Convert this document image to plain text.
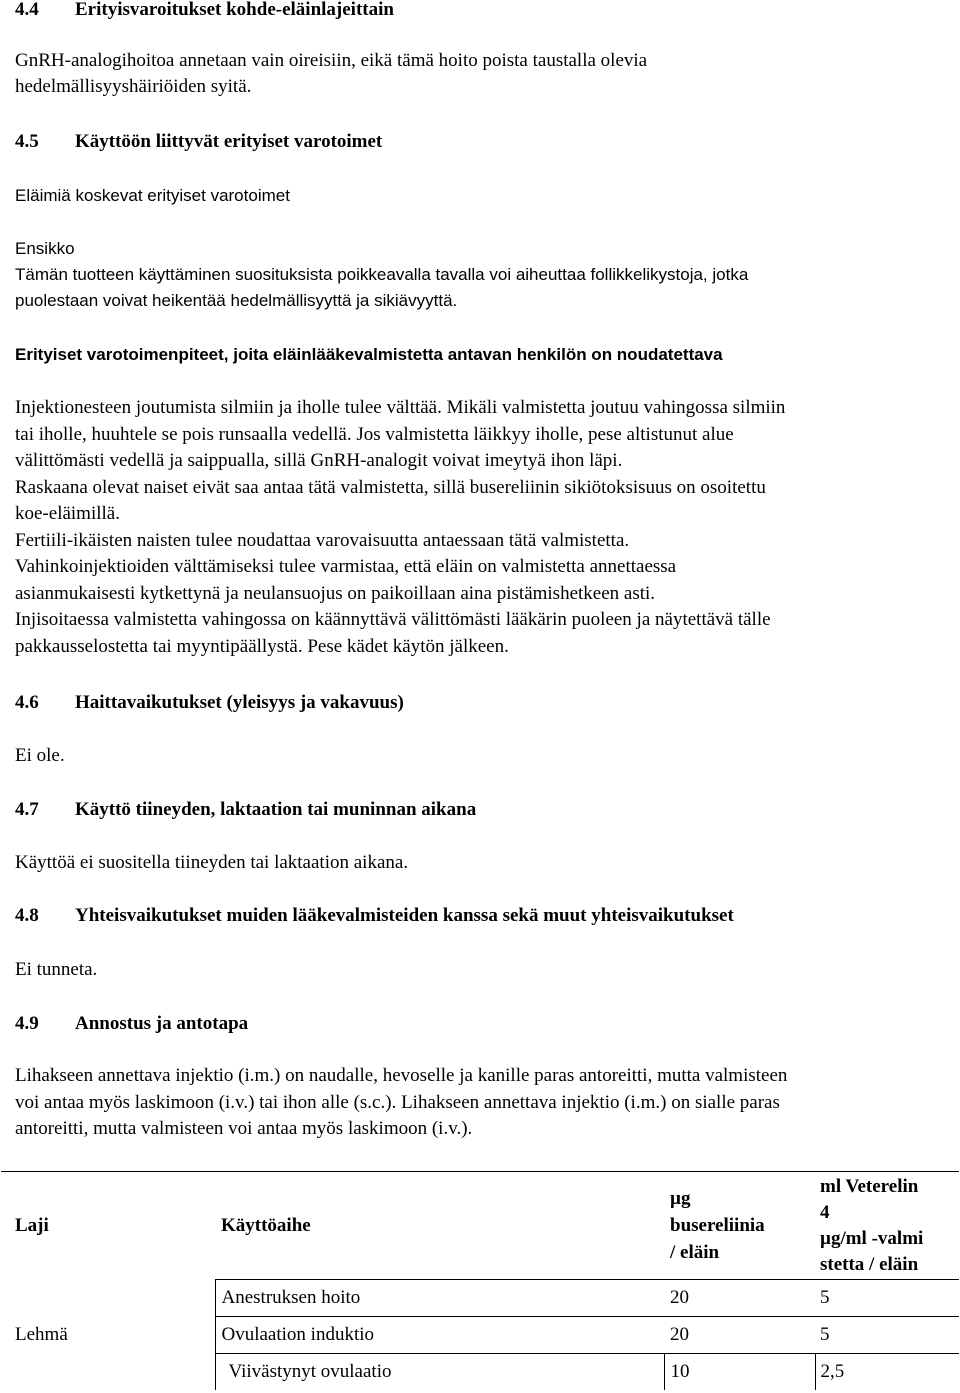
4.4 Erityisvaroitukset kohde-eläinlajeittain
GnRH-analogihoitoa annetaan vain oireisiin, eikä tämä hoito poista taustalla olevia
hedelmällisyyshäiriöiden syitä.
4.5 Käyttöön liittyvät erityiset varotoimet
Eläimiä koskevat erityiset varotoimet
Ensikko
Tämän tuotteen käyttäminen suosituksista poikkeavalla tavalla voi aiheuttaa follikkelikystoja, jotka
puolestaan voivat heikentää hedelmällisyyttä ja sikiävyyttä.
Erityiset varotoimenpiteet, joita eläinlääkevalmistetta antavan henkilön on noudatettava
Injektionesteen joutumista silmiin ja iholle tulee välttää. Mikäli valmistetta joutuu vahingossa silmiin
tai iholle, huuhtele se pois runsaalla vedellä. Jos valmistetta läikkyy iholle, pese altistunut alue
välittömästi vedellä ja saippualla, sillä GnRH-analogit voivat imeytyä ihon läpi.
Raskaana olevat naiset eivät saa antaa tätä valmistetta, sillä busereliinin sikiötoksisuus on osoitettu
koe-eläimillä.
Fertiili-ikäisten naisten tulee noudattaa varovaisuutta antaessaan tätä valmistetta.
Vahinkoinjektioiden välttämiseksi tulee varmistaa, että eläin on valmistetta annettaessa
asianmukaisesti kytkettynä ja neulansuojus on paikoillaan aina pistämishetkeen asti.
Injisoitaessa valmistetta vahingossa on käännyttävä välittömästi lääkärin puoleen ja näytettävä tälle
pakkausselostetta tai myyntipäällystä. Pese kädet käytön jälkeen.
4.6 Haittavaikutukset (yleisyys ja vakavuus)
Ei ole.
4.7 Käyttö tiineyden, laktaation tai muninnan aikana
Käyttöä ei suositella tiineyden tai laktaation aikana.
4.8 Yhteisvaikutukset muiden lääkevalmisteiden kanssa sekä muut yhteisvaikutukset
Ei tunneta.
4.9 Annostus ja antotapa
Lihakseen annettava injektio (i.m.) on naudalle, hevoselle ja kanille paras antoreitti, mutta valmisteen
voi antaa myös laskimoon (i.v.) tai ihon alle (s.c.). Lihakseen annettava injektio (i.m.) on sialle paras
antoreitti, mutta valmisteen voi antaa myös laskimoon (i.v.).
Laji	Käyttöaihe	µg
busereliinia
/ eläin	ml Veterelin
4
µg/ml -valmi
stetta / eläin

Lehmä	Anestruksen hoito	20	5
	Ovulaation induktio	20	5
	Viivästynyt ovulaatio	10	2,5
